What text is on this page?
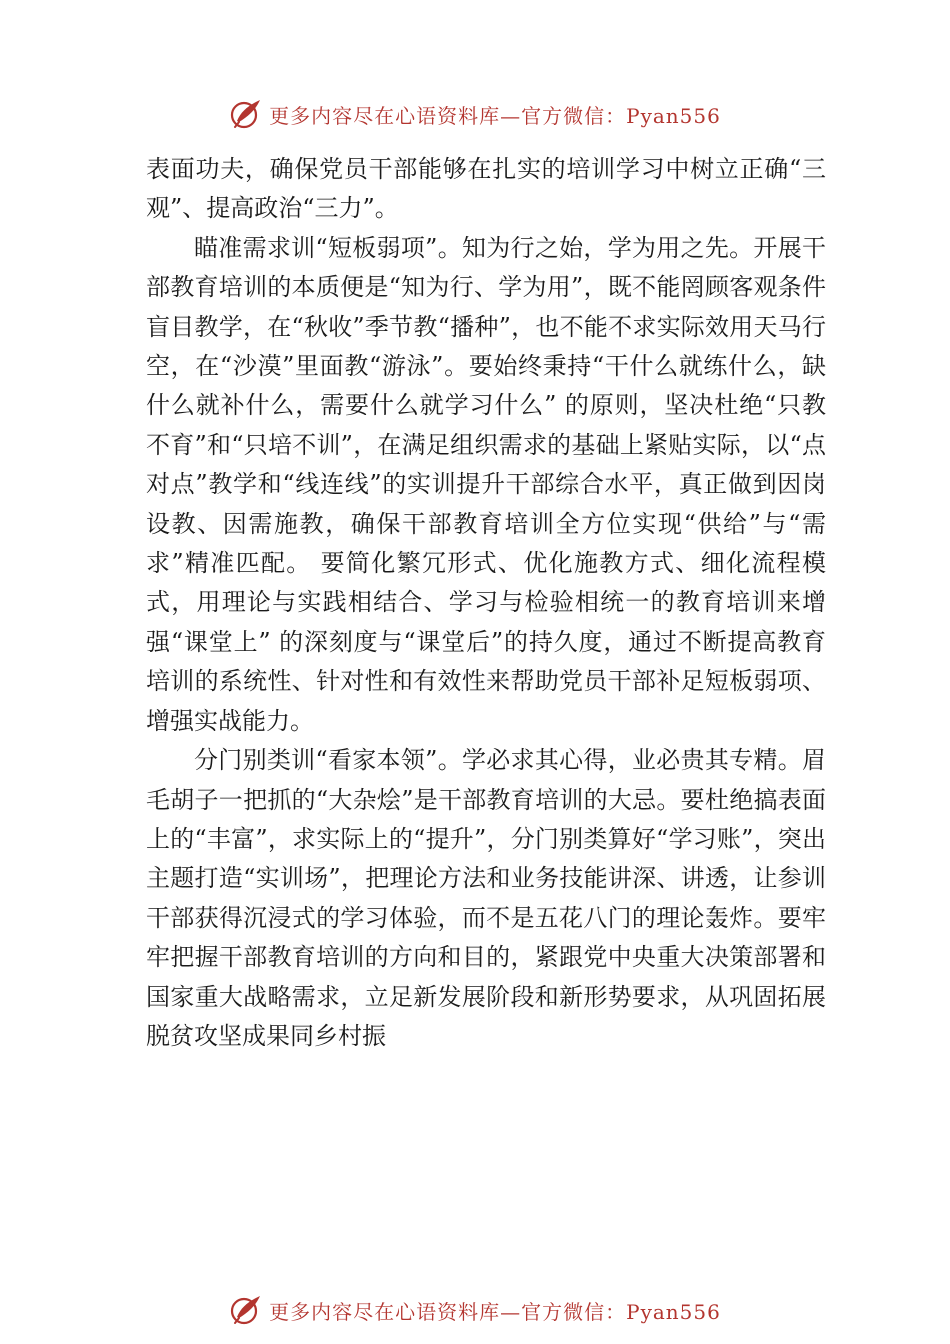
更多内容尽在心语资料库—官方微信：Pyan556

表面功夫，确保党员干部能够在扎实的培训学习中树立正确“三观”、提高政治“三力”。

瞄准需求训“短板弱项”。知为行之始，学为用之先。开展干部教育培训的本质便是“知为行、学为用”，既不能罔顾客观条件盲目教学，在“秋收”季节教“播种”，也不能不求实际效用天马行空，在“沙漠”里面教“游泳”。要始终秉持“干什么就练什么，缺什么就补什么，需要什么就学习什么” 的原则，坚决杜绝“只教不育”和“只培不训”，在满足组织需求的基础上紧贴实际，以“点对点”教学和“线连线”的实训提升干部综合水平，真正做到因岗设教、因需施教，确保干部教育培训全方位实现“供给”与“需求”精准匹配。 要简化繁冗形式、优化施教方式、细化流程模式，用理论与实践相结合、学习与检验相统一的教育培训来增强“课堂上” 的深刻度与“课堂后”的持久度，通过不断提高教育培训的系统性、针对性和有效性来帮助党员干部补足短板弱项、增强实战能力。

分门别类训“看家本领”。学必求其心得，业必贵其专精。眉毛胡子一把抓的“大杂烩”是干部教育培训的大忌。要杜绝搞表面上的“丰富”，求实际上的“提升”，分门别类算好“学习账”，突出主题打造“实训场”，把理论方法和业务技能讲深、讲透，让参训干部获得沉浸式的学习体验，而不是五花八门的理论轰炸。要牢牢把握干部教育培训的方向和目的，紧跟党中央重大决策部署和国家重大战略需求，立足新发展阶段和新形势要求，从巩固拓展脱贫攻坚成果同乡村振

更多内容尽在心语资料库—官方微信：Pyan556
